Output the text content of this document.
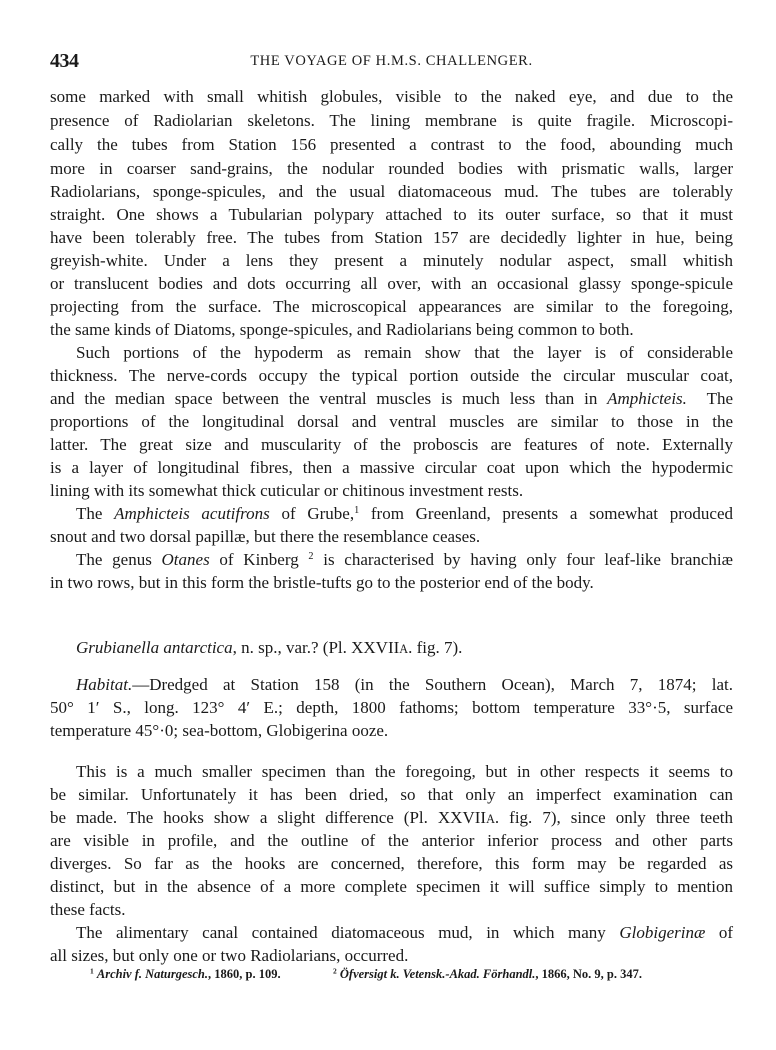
434	THE VOYAGE OF H.M.S. CHALLENGER.
some marked with small whitish globules, visible to the naked eye, and due to the
presence of Radiolarian skeletons. The lining membrane is quite fragile. Microscopi-
cally the tubes from Station 156 presented a contrast to the food, abounding much
more in coarser sand-grains, the nodular rounded bodies with prismatic walls, larger
Radiolarians, sponge-spicules, and the usual diatomaceous mud. The tubes are tolerably
straight. One shows a Tubularian polypary attached to its outer surface, so that it must
have been tolerably free. The tubes from Station 157 are decidedly lighter in hue, being
greyish-white. Under a lens they present a minutely nodular aspect, small whitish
or translucent bodies and dots occurring all over, with an occasional glassy sponge-spicule
projecting from the surface. The microscopical appearances are similar to the foregoing,
the same kinds of Diatoms, sponge-spicules, and Radiolarians being common to both.
Such portions of the hypoderm as remain show that the layer is of considerable
thickness. The nerve-cords occupy the typical portion outside the circular muscular coat,
and the median space between the ventral muscles is much less than in Amphicteis. The
proportions of the longitudinal dorsal and ventral muscles are similar to those in the
latter. The great size and muscularity of the proboscis are features of note. Externally
is a layer of longitudinal fibres, then a massive circular coat upon which the hypodermic
lining with its somewhat thick cuticular or chitinous investment rests.
The Amphicteis acutifrons of Grube,$^1$ from Greenland, presents a somewhat produced
snout and two dorsal papillæ, but there the resemblance ceases.
The genus Otanes of Kinberg $^2$ is characterised by having only four leaf-like branchiæ
in two rows, but in this form the bristle-tufts go to the posterior end of the body.
Grubianella antarctica, n. sp., var.? (Pl. XXVIIA. fig. 7).
Habitat.—Dredged at Station 158 (in the Southern Ocean), March 7, 1874; lat.
50° 1′ S., long. 123° 4′ E.; depth, 1800 fathoms; bottom temperature 33°·5, surface
temperature 45°·0; sea-bottom, Globigerina ooze.
This is a much smaller specimen than the foregoing, but in other respects it seems to
be similar. Unfortunately it has been dried, so that only an imperfect examination can
be made. The hooks show a slight difference (Pl. XXVIIA. fig. 7), since only three teeth
are visible in profile, and the outline of the anterior inferior process and other parts
diverges. So far as the hooks are concerned, therefore, this form may be regarded as
distinct, but in the absence of a more complete specimen it will suffice simply to mention
these facts.
The alimentary canal contained diatomaceous mud, in which many Globigerinæ of
all sizes, but only one or two Radiolarians, occurred.
$^1$ Archiv f. Naturgesch., 1860, p. 109.	$^2$ Öfversigt k. Vetensk.-Akad. Förhandl., 1866, No. 9, p. 347.
